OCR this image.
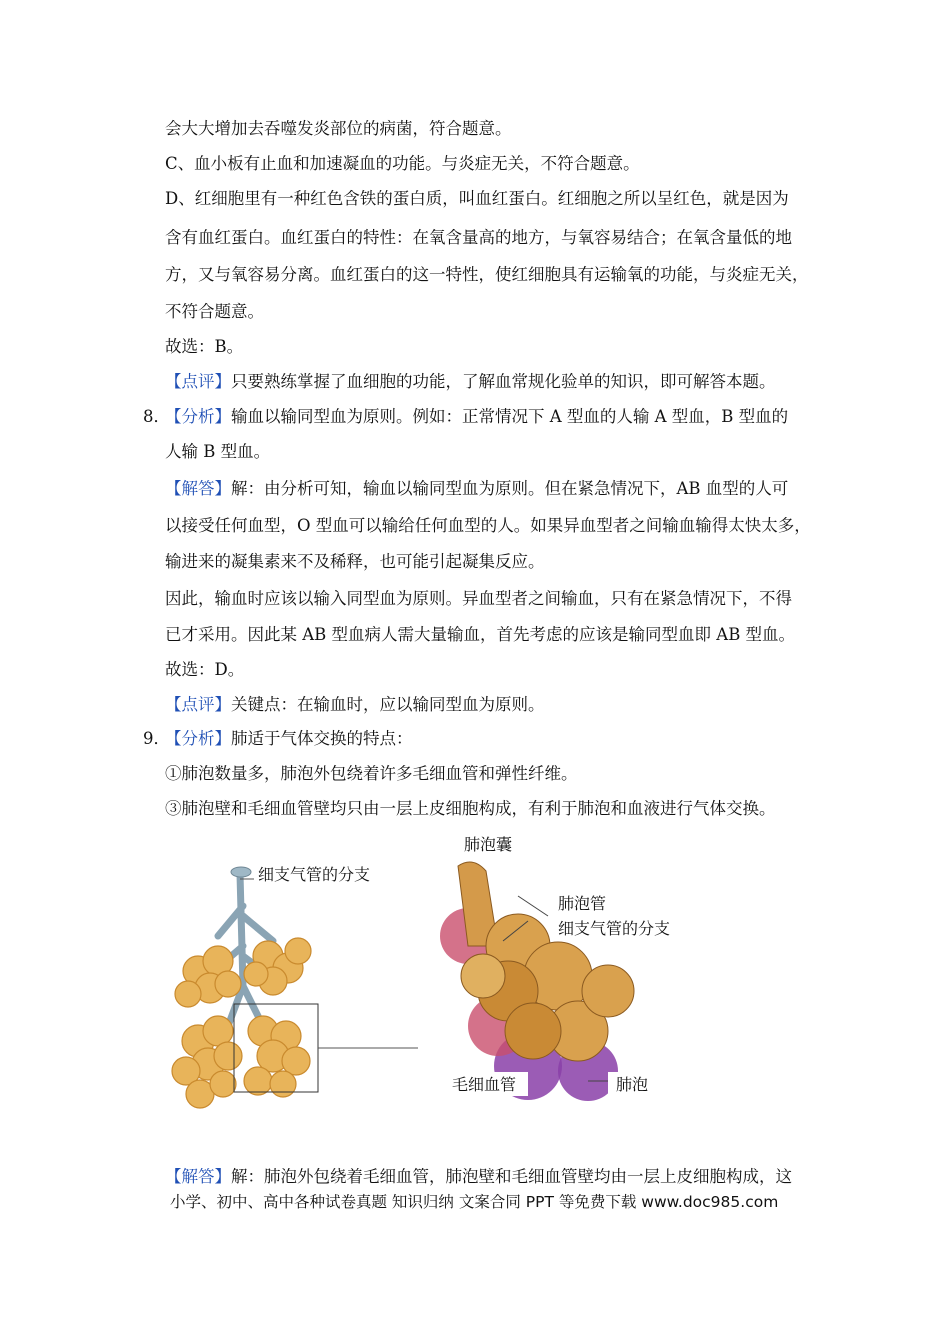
会大大增加去吞噬发炎部位的病菌，符合题意。
C、血小板有止血和加速凝血的功能。与炎症无关，不符合题意。
D、红细胞里有一种红色含铁的蛋白质，叫血红蛋白。红细胞之所以呈红色，就是因为
含有血红蛋白。血红蛋白的特性：在氧含量高的地方，与氧容易结合；在氧含量低的地
方，又与氧容易分离。血红蛋白的这一特性，使红细胞具有运输氧的功能，与炎症无关，
不符合题意。
故选：B。
【点评】只要熟练掌握了血细胞的功能，了解血常规化验单的知识，即可解答本题。
8．
【分析】输血以输同型血为原则。例如：正常情况下 A 型血的人输 A 型血，B 型血的
人输 B 型血。
【解答】解：由分析可知，输血以输同型血为原则。但在紧急情况下，AB 血型的人可
以接受任何血型，O 型血可以输给任何血型的人。如果异血型者之间输血输得太快太多，
输进来的凝集素来不及稀释，也可能引起凝集反应。
因此，输血时应该以输入同型血为原则。异血型者之间输血，只有在紧急情况下，不得
已才采用。因此某 AB 型血病人需大量输血，首先考虑的应该是输同型血即 AB 型血。
故选：D。
【点评】关键点：在输血时，应以输同型血为原则。
9．
【分析】肺适于气体交换的特点：
①肺泡数量多，肺泡外包绕着许多毛细血管和弹性纤维。
③肺泡壁和毛细血管壁均只由一层上皮细胞构成，有利于肺泡和血液进行气体交换。
细支气管的分支
肺泡囊
肺泡管
细支气管的分支
毛细血管	肺泡
【解答】解：肺泡外包绕着毛细血管，肺泡壁和毛细血管壁均由一层上皮细胞构成，这
小学、初中、高中各种试卷真题 知识归纳 文案合同 PPT 等免费下载 www.doc985.com
